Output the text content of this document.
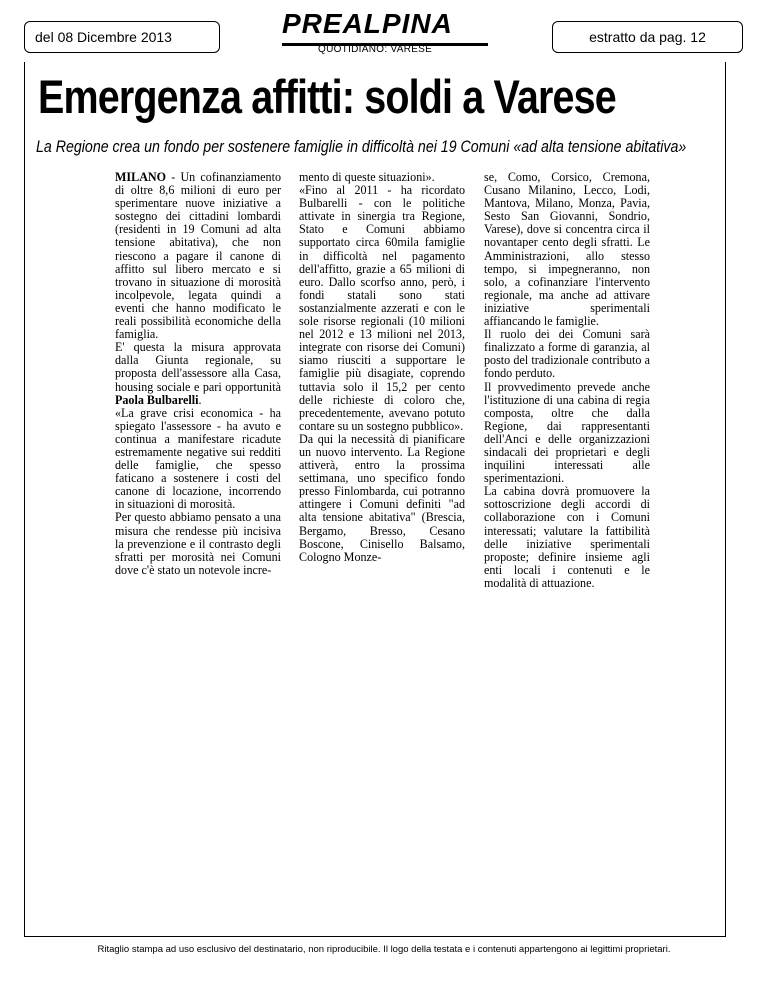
del 08 Dicembre 2013	PREALPINA
QUOTIDIANO: VARESE
estratto da pag. 12
Emergenza affitti: soldi a Varese
La Regione crea un fondo per sostenere famiglie in difficoltà nei 19 Comuni «ad alta tensione abitativa»

MILANO - Un cofinanziamento di oltre 8,6 milioni di euro per sperimentare nuove iniziative a sostegno dei cittadini lombardi (residenti in 19 Comuni ad alta tensione abitativa), che non riescono a pagare il canone di affitto sul libero mercato e si trovano in situazione di morosità incolpevole, legata quindi a eventi che hanno modificato le reali possibilità economiche della famiglia.

E' questa la misura approvata dalla Giunta regionale, su proposta dell'assessore alla Casa, housing sociale e pari opportunità Paola Bulbarelli.

«La grave crisi economica - ha spiegato l'assessore - ha avuto e continua a manifestare ricadute estremamente negative sui redditi delle famiglie, che spesso faticano a sostenere i costi del canone di locazione, incorrendo in situazioni di morosità.

Per questo abbiamo pensato a una misura che rendesse più incisiva la prevenzione e il contrasto degli sfratti per morosità nei Comuni dove c'è stato un notevole incre-

mento di queste situazioni».

«Fino al 2011 - ha ricordato Bulbarelli - con le politiche attivate in sinergia tra Regione, Stato e Comuni abbiamo supportato circa 60mila famiglie in difficoltà nel pagamento dell'affitto, grazie a 65 milioni di euro. Dallo scorfso anno, però, i fondi statali sono stati sostanzialmente azzerati e con le sole risorse regionali (10 milioni nel 2012 e 13 milioni nel 2013, integrate con risorse dei Comuni) siamo riusciti a supportare le famiglie più disagiate, coprendo tuttavia solo il 15,2 per cento delle richieste di coloro che, precedentemente, avevano potuto contare su un sostegno pubblico».

Da qui la necessità di pianificare un nuovo intervento. La Regione attiverà, entro la prossima settimana, uno specifico fondo presso Finlombarda, cui potranno attingere i Comuni definiti "ad alta tensione abitativa" (Brescia, Bergamo, Bresso, Cesano Boscone, Cinisello Balsamo, Cologno Monze-

se, Como, Corsico, Cremona, Cusano Milanino, Lecco, Lodi, Mantova, Milano, Monza, Pavia, Sesto San Giovanni, Sondrio, Varese), dove si concentra circa il novantaper cento degli sfratti. Le Amministrazioni, allo stesso tempo, si impegneranno, non solo, a cofinanziare l'intervento regionale, ma anche ad attivare iniziative sperimentali affiancando le famiglie.

Il ruolo dei dei Comuni sarà finalizzato a forme di garanzia, al posto del tradizionale contributo a fondo perduto.

Il provvedimento prevede anche l'istituzione di una cabina di regia composta, oltre che dalla Regione, dai rappresentanti dell'Anci e delle organizzazioni sindacali dei proprietari e degli inquilini interessati alle sperimentazioni.

La cabina dovrà promuovere la sottoscrizione degli accordi di collaborazione con i Comuni interessati; valutare la fattibilità delle iniziative sperimentali proposte; definire insieme agli enti locali i contenuti e le modalità di attuazione.

Ritaglio stampa ad uso esclusivo del destinatario, non riproducibile. Il logo della testata e i contenuti appartengono ai legittimi proprietari.
